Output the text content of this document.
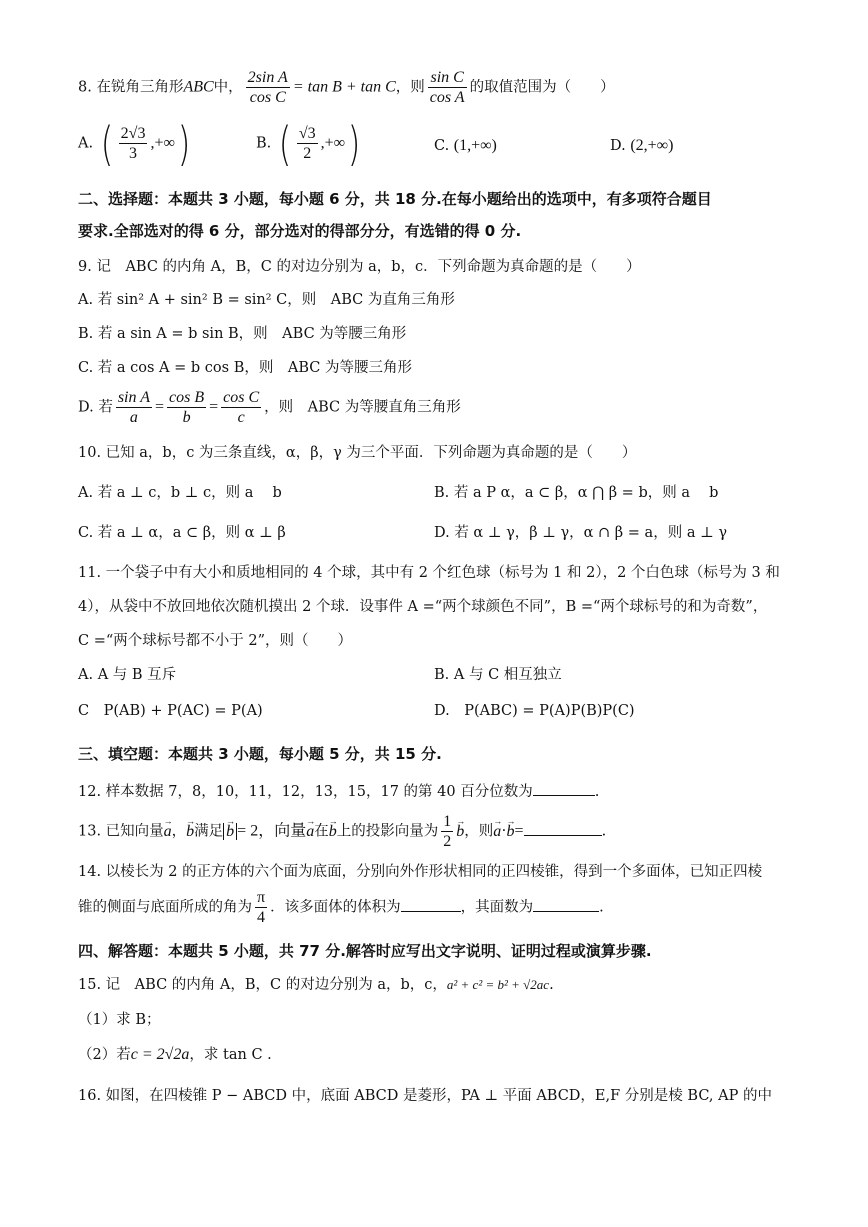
8. 在锐角三角形ABC中， $\frac{\text{2sin A}}{\text{cos C}} = \tan B + \tan C$，则 $\frac{\text{sin C}}{\text{cos A}}$ 的取值范围为（　　）
A. ( $\frac{2√3}{3}$ ,+∞)	B. ( $\frac{√3}{2}$ ,+∞)	C. (1,+∞)	D. (2,+∞)
二、选择题：本题共 3 小题，每小题 6 分，共 18 分.在每小题给出的选项中，有多项符合题目
要求.全部选对的得 6 分，部分选对的得部分分，有选错的得 0 分.
9. 记　ABC 的内角 A，B，C 的对边分别为 a，b，c．下列命题为真命题的是（　　）
A. 若 sin² A + sin² B = sin² C，则　ABC 为直角三角形
B. 若 a sin A = b sin B，则　ABC 为等腰三角形
C. 若 a cos A = b cos B，则　ABC 为等腰三角形
D. 若 $\frac{\text{sin A}}{a} = \frac{\text{cos B}}{b} = \frac{\text{cos C}}{c}$ ，则　ABC 为等腰直角三角形
10. 已知 a，b，c 为三条直线，α，β，γ 为三个平面．下列命题为真命题的是（　　）
A. 若 a ⊥ c，b ⊥ c，则 a　 b	B. 若 a P α，a ⊂ β，α ⋂ β = b，则 a　 b
C. 若 a ⊥ α，a ⊂ β，则 α ⊥ β	D. 若 α ⊥ γ，β ⊥ γ，α ∩ β = a，则 a ⊥ γ
11. 一个袋子中有大小和质地相同的 4 个球，其中有 2 个红色球（标号为 1 和 2），2 个白色球（标号为 3 和
4），从袋中不放回地依次随机摸出 2 个球．设事件 A =“两个球颜色不同”，B =“两个球标号的和为奇数”，
C =“两个球标号都不小于 2”，则（　　）
A. A 与 B 互斥	B. A 与 C 相互独立
C　P(AB) + P(AC) = P(A)	D.　P(ABC) = P(A)P(B)P(C)
三、填空题：本题共 3 小题，每小题 5 分，共 15 分.
12. 样本数据 7，8，10，11，12，13，15，17 的第 40 百分位数为	.
13. 已知向量→ a，→ b满足→ b = 2，向量→ a在→ b上的投影向量为 $\frac{1}{2}$
→ b，则→ a·→ b=	.
14. 以棱长为 2 的正方体的六个面为底面，分别向外作形状相同的正四棱锥，得到一个多面体，已知正四棱
锥的侧面与底面所成的角为 $\frac{\pi}{4}$ ．该多面体的体积为	，其面数为	.
四、解答题：本题共 5 小题，共 77 分.解答时应写出文字说明、证明过程或演算步骤.
15. 记　ABC 的内角 A，B，C 的对边分别为 a，b，c，a² + c² = b² + √2ac.
（1）求 B；
（2）若c = 2√2a，求 tan C .
16. 如图，在四棱锥 P − ABCD 中，底面 ABCD 是菱形，PA ⊥ 平面 ABCD，E,F 分别是棱 BC, AP 的中
